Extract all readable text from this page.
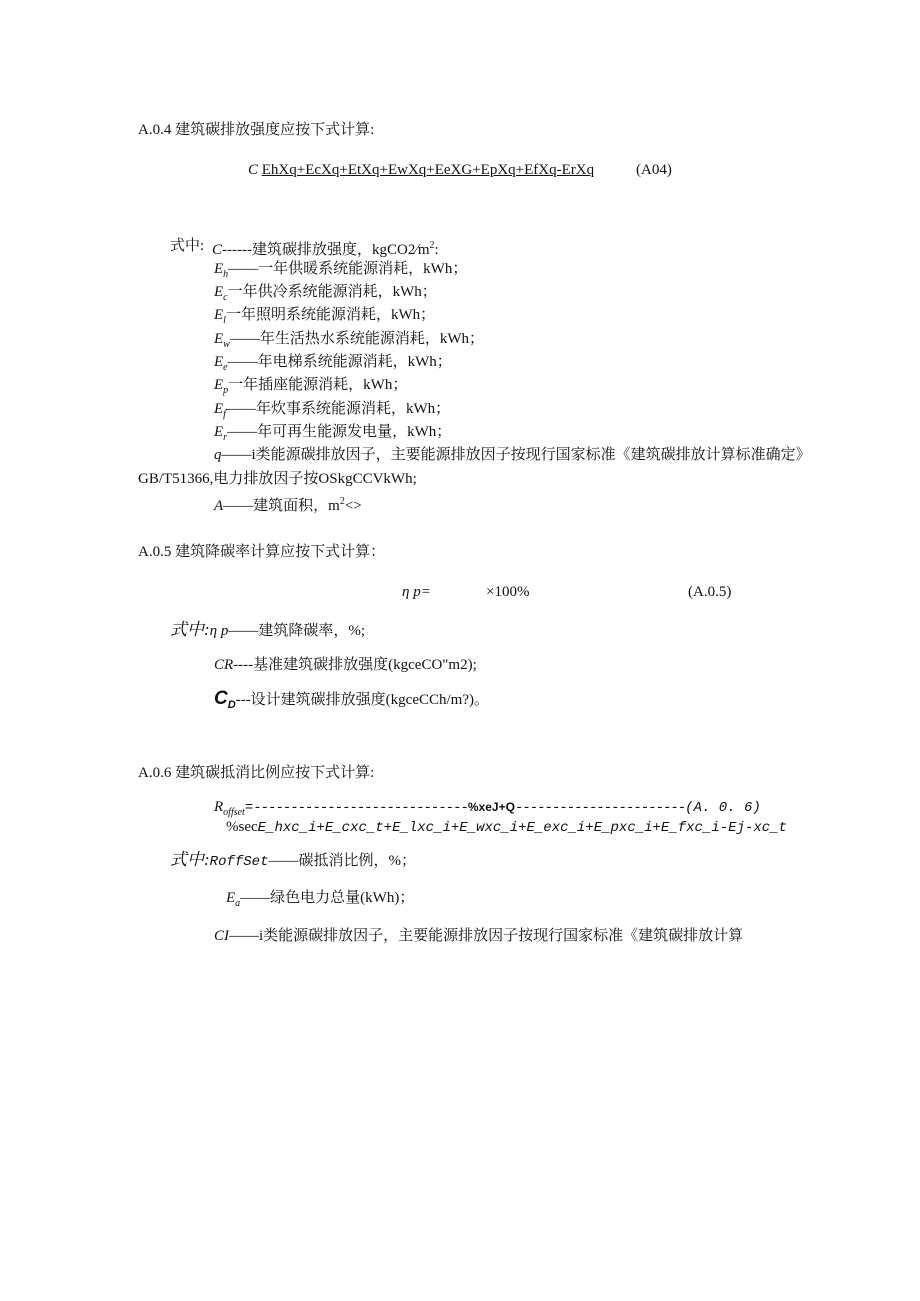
A.0.4 建筑碳排放强度应按下式计算:
C EhXq+EcXq+EtXq+EwXq+EeXG+EpXq+EfXq-ErXq	(A04)
式中: C------建筑碳排放强度，$kgCO2∕m^2$:
$E_h——$一年供暖系统能源消耗，kWh；
$E_c$一年供冷系统能源消耗，kWh；
$E_l$一年照明系统能源消耗，kWh；
$E_w——$年生活热水系统能源消耗，kWh；
$E_e——$年电梯系统能源消耗，kWh；
$E_p$一年插座能源消耗，kWh；
$E_f——$年炊事系统能源消耗，kWh；
$E_r——$年可再生能源发电量，kWh；
q——i类能源碳排放因子，主要能源排放因子按现行国家标准《建筑碳排放计算标准确定》
GB/T51366,电力排放因子按OSkgCCVkWh;
A——建筑面积，$m^2<>$
A.0.5 建筑降碳率计算应按下式计算：
η p=	×100%	(A.0.5)
式中:η p——建筑降碳率，%;
CR----基准建筑碳排放强度(kgceCO"m2);
$C_D---$设计建筑碳排放强度(kgceCCh/m?)。
A.0.6 建筑碳抵消比例应按下式计算:
$R_{offset}=-----------------------------\%xeJ+Q-----------------------(A$. 0. 6)
%secE_hxc_i+E_cxc_t+E_lxc_i+E_wxc_i+E_exc_i+E_pxc_i+E_fxc_i-Ej-xc_t
式中:RoffSet——碳抵消比例，%；
$E_a——$绿色电力总量(kWh)；
CI——i类能源碳排放因子，主要能源排放因子按现行国家标准《建筑碳排放计算
